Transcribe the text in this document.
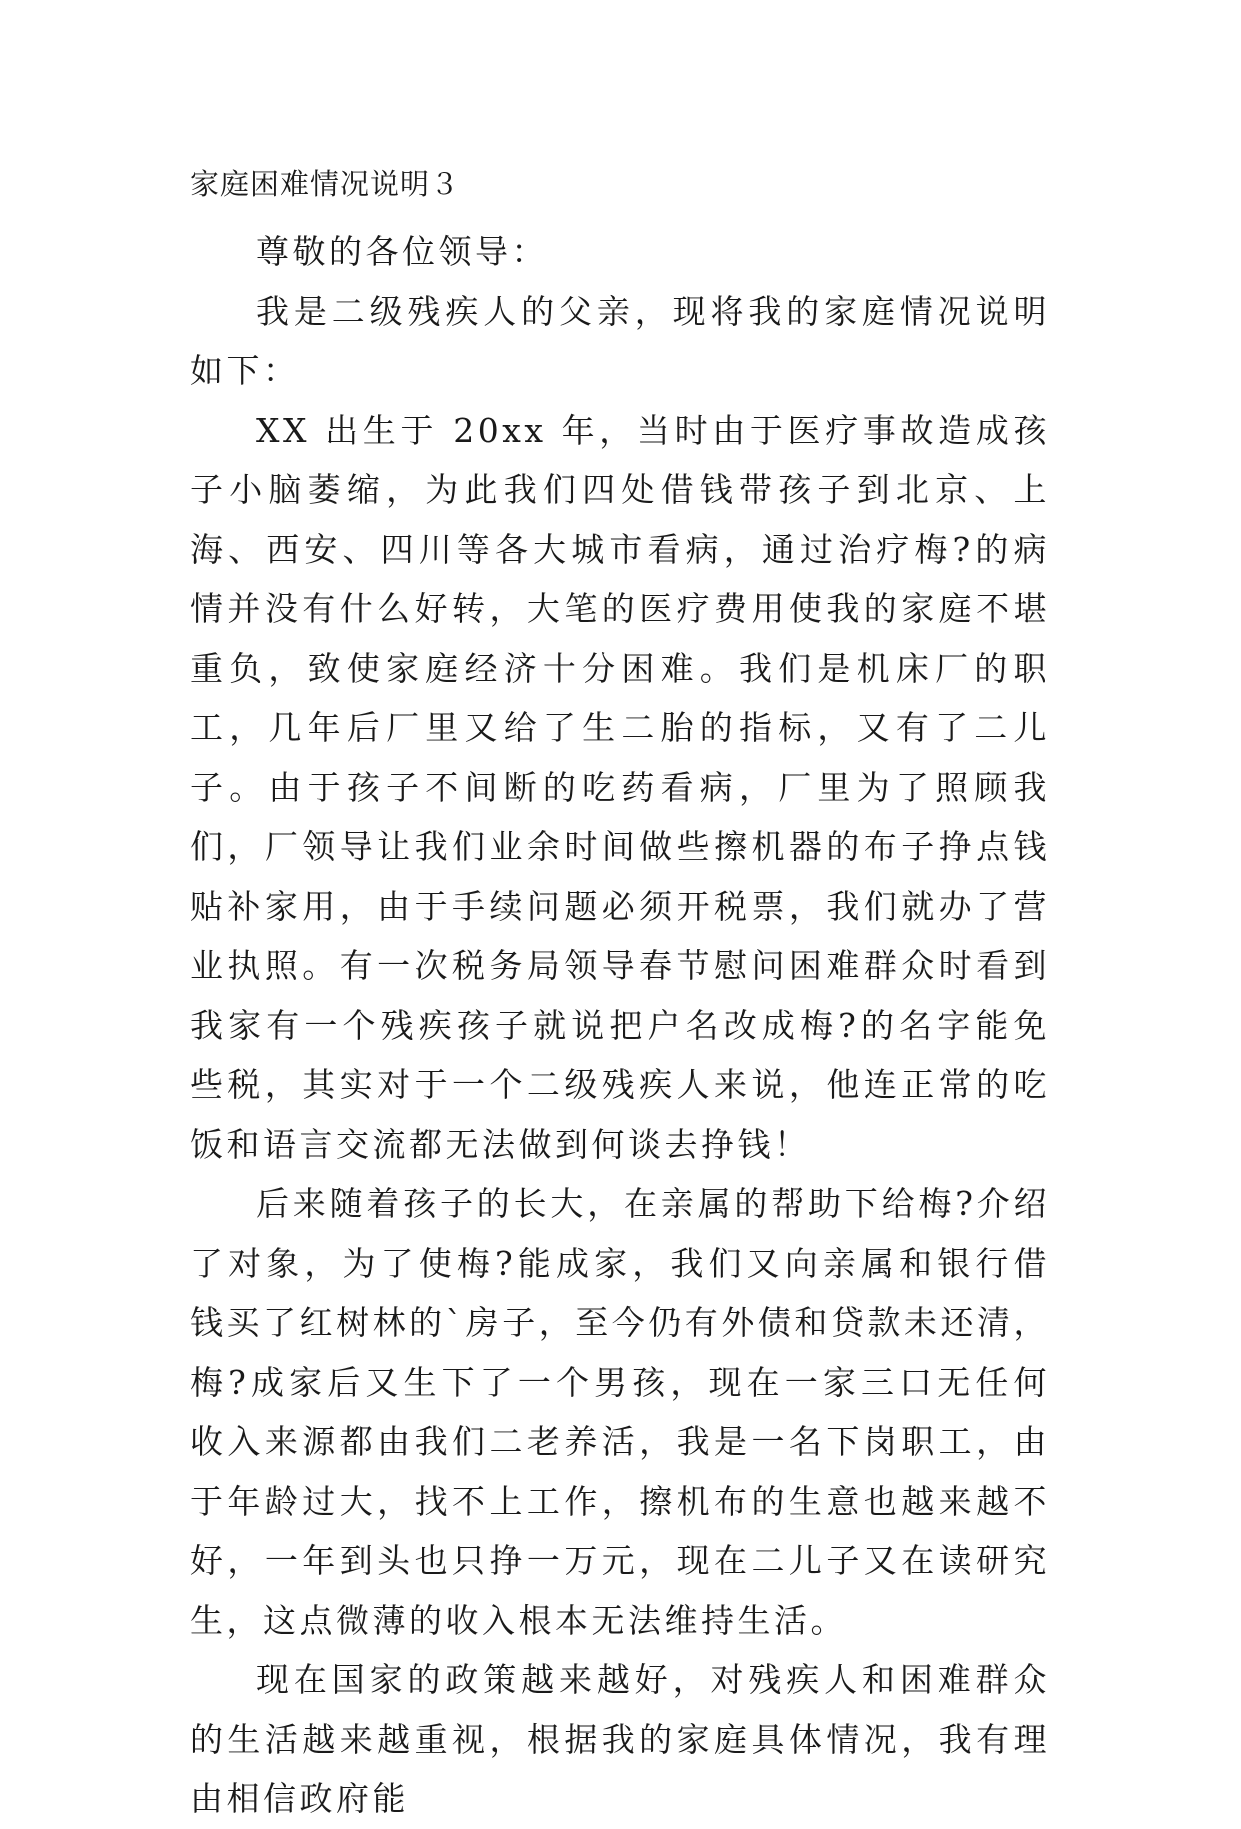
家庭困难情况说明３

尊敬的各位领导：

我是二级残疾人的父亲，现将我的家庭情况说明如下：

XX 出生于 20xx 年，当时由于医疗事故造成孩子小脑萎缩，为此我们四处借钱带孩子到北京、上海、西安、四川等各大城市看病，通过治疗梅?的病情并没有什么好转，大笔的医疗费用使我的家庭不堪重负，致使家庭经济十分困难。我们是机床厂的职工，几年后厂里又给了生二胎的指标，又有了二儿子。由于孩子不间断的吃药看病，厂里为了照顾我们，厂领导让我们业余时间做些擦机器的布子挣点钱贴补家用，由于手续问题必须开税票，我们就办了营业执照。有一次税务局领导春节慰问困难群众时看到我家有一个残疾孩子就说把户名改成梅?的名字能免些税，其实对于一个二级残疾人来说，他连正常的吃饭和语言交流都无法做到何谈去挣钱！

后来随着孩子的长大，在亲属的帮助下给梅?介绍了对象，为了使梅?能成家，我们又向亲属和银行借钱买了红树林的`房子，至今仍有外债和贷款未还清，梅?成家后又生下了一个男孩，现在一家三口无任何收入来源都由我们二老养活，我是一名下岗职工，由于年龄过大，找不上工作，擦机布的生意也越来越不好，一年到头也只挣一万元，现在二儿子又在读研究生，这点微薄的收入根本无法维持生活。

现在国家的政策越来越好，对残疾人和困难群众的生活越来越重视，根据我的家庭具体情况，我有理由相信政府能
